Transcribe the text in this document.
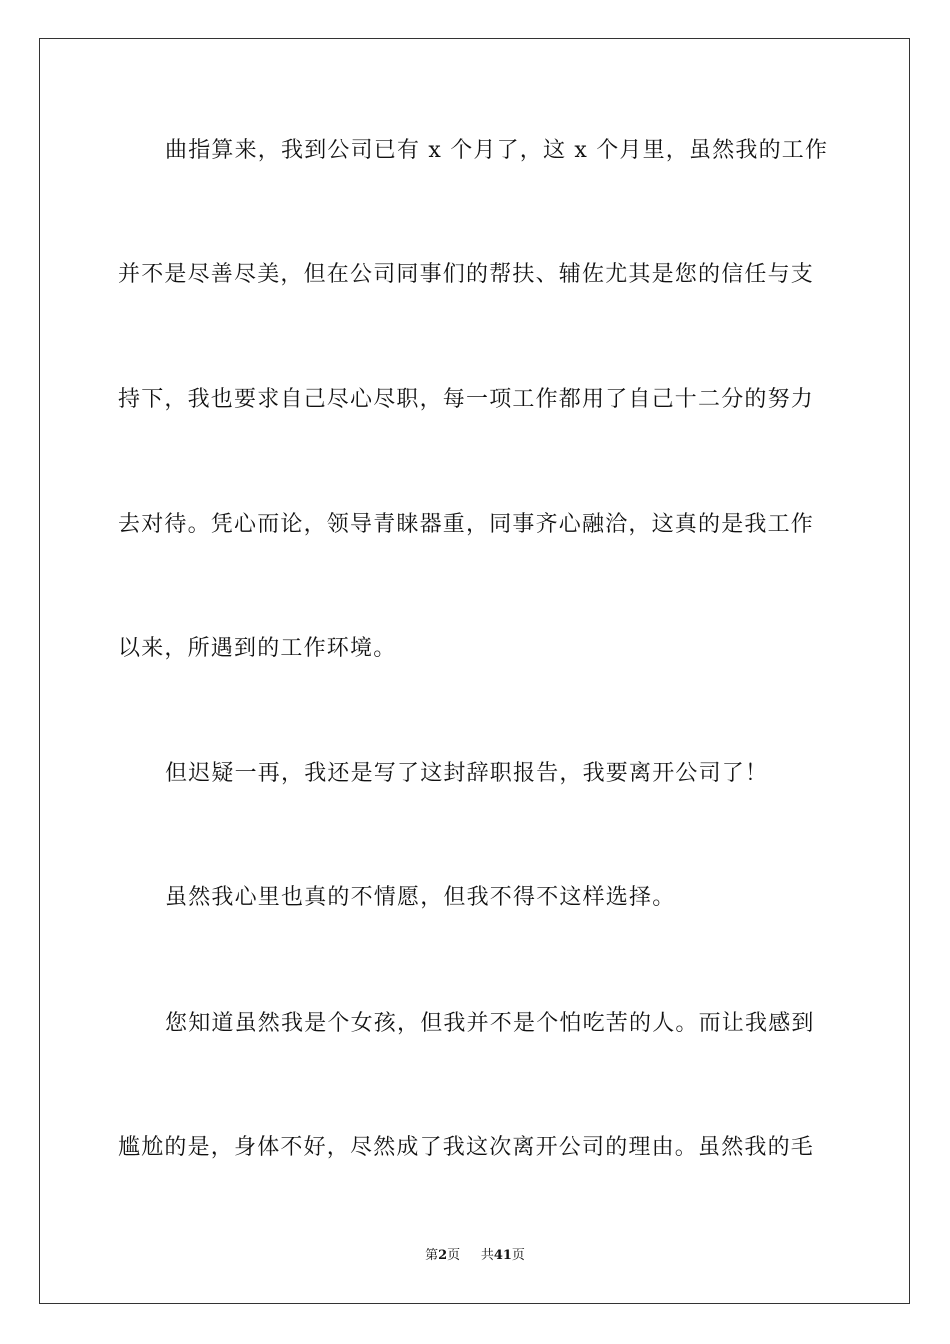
曲指算来，我到公司已有 x 个月了，这 x 个月里，虽然我的工作
并不是尽善尽美，但在公司同事们的帮扶、辅佐尤其是您的信任与支
持下，我也要求自己尽心尽职，每一项工作都用了自己十二分的努力
去对待。凭心而论，领导青睐器重，同事齐心融洽，这真的是我工作
以来，所遇到的工作环境。
但迟疑一再，我还是写了这封辞职报告，我要离开公司了！
虽然我心里也真的不情愿，但我不得不这样选择。
您知道虽然我是个女孩，但我并不是个怕吃苦的人。而让我感到
尴尬的是，身体不好，尽然成了我这次离开公司的理由。虽然我的毛
第2页 共41页
